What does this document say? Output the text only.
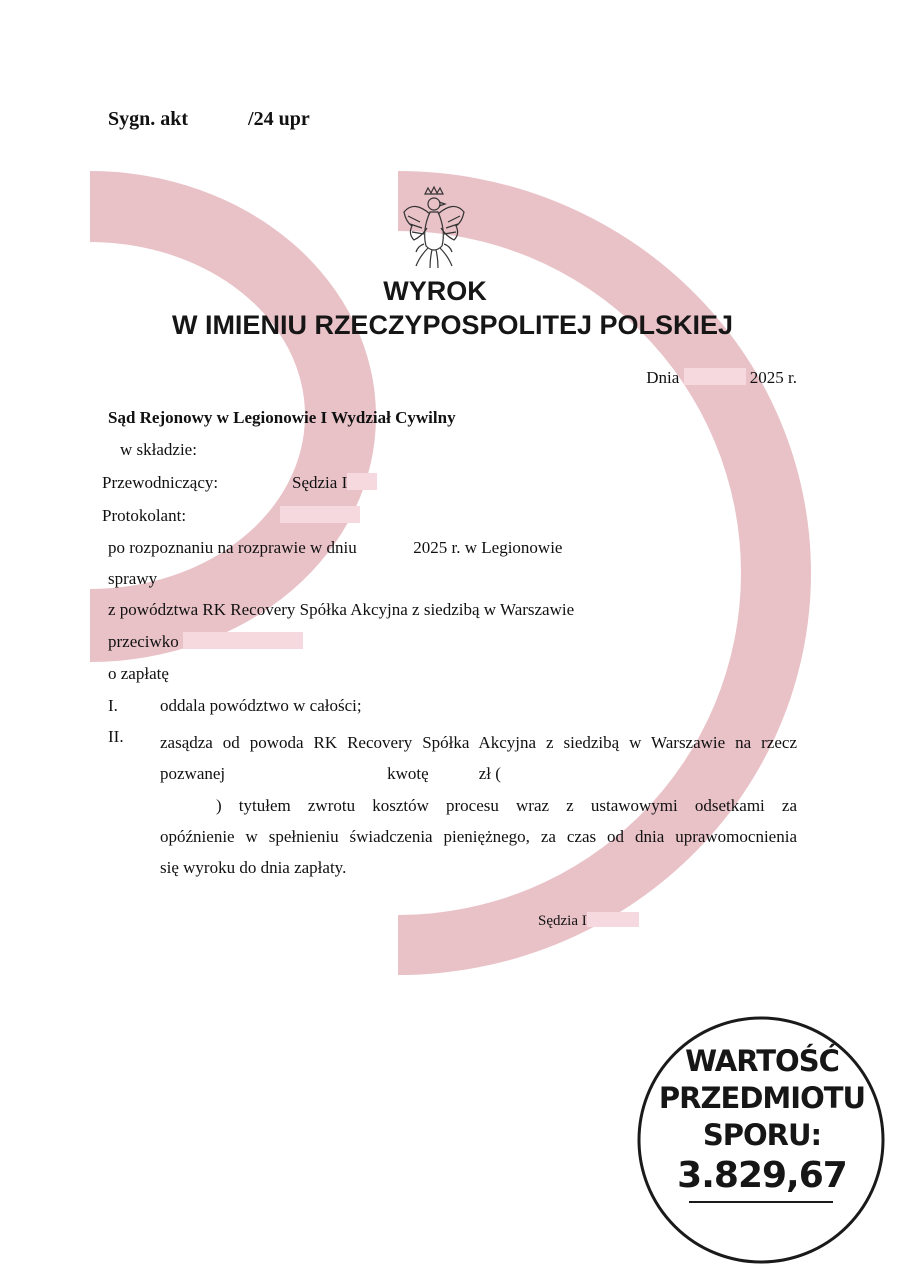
Sygn. akt	/24 upr
WYROK
W IMIENIU RZECZYPOSPOLITEJ POLSKIEJ
Dnia	2025 r.
Sąd Rejonowy w Legionowie I Wydział Cywilny
w składzie:
Przewodniczący:	Sędzia I
Protokolant:
po rozpoznaniu na rozprawie w dniu	2025 r. w Legionowie
sprawy
z powództwa RK Recovery Spółka Akcyjna z siedzibą w Warszawie
przeciwko
o zapłatę
I. oddala powództwo w całości;
II. zasądza od powoda RK Recovery Spółka Akcyjna z siedzibą w Warszawie na rzecz
pozwanej	kwotę	zł (
) tytułem zwrotu kosztów procesu wraz z ustawowymi odsetkami za
opóźnienie w spełnieniu świadczenia pieniężnego, za czas od dnia uprawomocnienia
się wyroku do dnia zapłaty.
Sędzia I
WARTOŚĆ
PRZEDMIOTU
SPORU:
3.829,67
